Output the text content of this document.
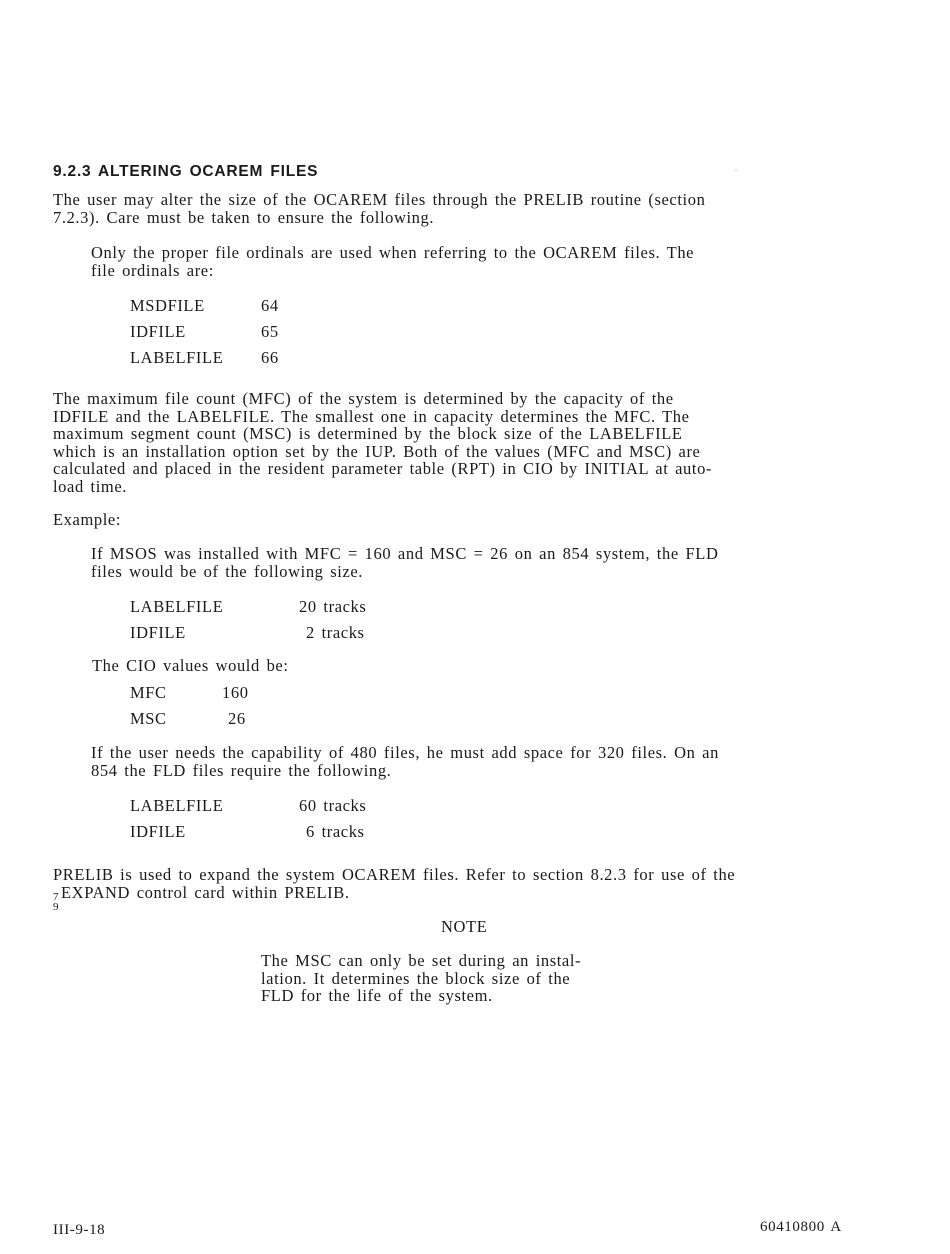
9.2.3 ALTERING OCAREM FILES
The user may alter the size of the OCAREM files through the PRELIB routine (section
7.2.3). Care must be taken to ensure the following.
Only the proper file ordinals are used when referring to the OCAREM files. The
file ordinals are:
MSDFILE	64
IDFILE	65
LABELFILE 66
The maximum file count (MFC) of the system is determined by the capacity of the
IDFILE and the LABELFILE. The smallest one in capacity determines the MFC. The
maximum segment count (MSC) is determined by the block size of the LABELFILE
which is an installation option set by the IUP. Both of the values (MFC and MSC) are
calculated and placed in the resident parameter table (RPT) in CIO by INITIAL at auto-
load time.
Example:
If MSOS was installed with MFC = 160 and MSC = 26 on an 854 system, the FLD
files would be of the following size.
LABELFILE	20 tracks
IDFILE	2 tracks
The CIO values would be:
MFC	160
MSC	26
If the user needs the capability of 480 files, he must add space for 320 files. On an
854 the FLD files require the following.
LABELFILE	60 tracks
IDFILE	6 tracks
PRELIB is used to expand the system OCAREM files. Refer to section 8.2.3 for use of the
7
9
EXPAND control card within PRELIB.
NOTE
The MSC can only be set during an instal-
lation. It determines the block size of the
FLD for the life of the system.
III-9-18	60410800 A
